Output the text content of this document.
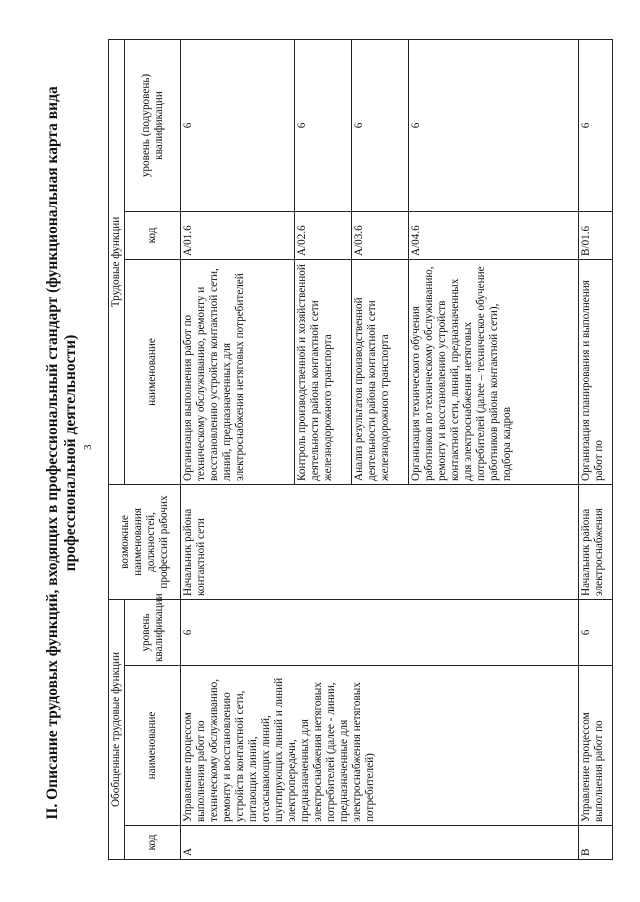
3
II. Описание трудовых функций, входящих в профессиональный стандарт (функциональная карта вида профессиональной деятельности)
Обобщенные трудовые функции			возможные наименования должностей, профессий рабочих	Трудовые функции		
код	наименование	уровень квалификации		наименование	код	уровень (подуровень) квалификации
А	Управление процессом выполнения работ по техническому обслуживанию, ремонту и восстановлению устройств контактной сети, питающих линий, отсасывающих линий, шунтирующих линий и линий электропередачи, предназначенных для электроснабжения нетяговых потребителей (далее - линии, предназначенные для электроснабжения нетяговых потребителей)	6	Начальник района контактной сети	Организация выполнения работ по техническому обслуживанию, ремонту и восстановлению устройств контактной сети, линий, предназначенных для электроснабжения нетяговых потребителей	A/01.6	6
				Контроль производственной и хозяйственной деятельности района контактной сети железнодорожного транспорта	A/02.6	6
				Анализ результатов производственной деятельности района контактной сети железнодорожного транспорта	A/03.6	6
				Организация технического обучения работников по техническому обслуживанию, ремонту и восстановлению устройств контактной сети, линий, предназначенных для электроснабжения нетяговых потребителей (далее – техническое обучение работников района контактной сети), подбора кадров	A/04.6	6
В	Управление процессом выполнения работ по	6	Начальник района электроснабжения	Организация планирования и выполнения работ по	B/01.6	6
